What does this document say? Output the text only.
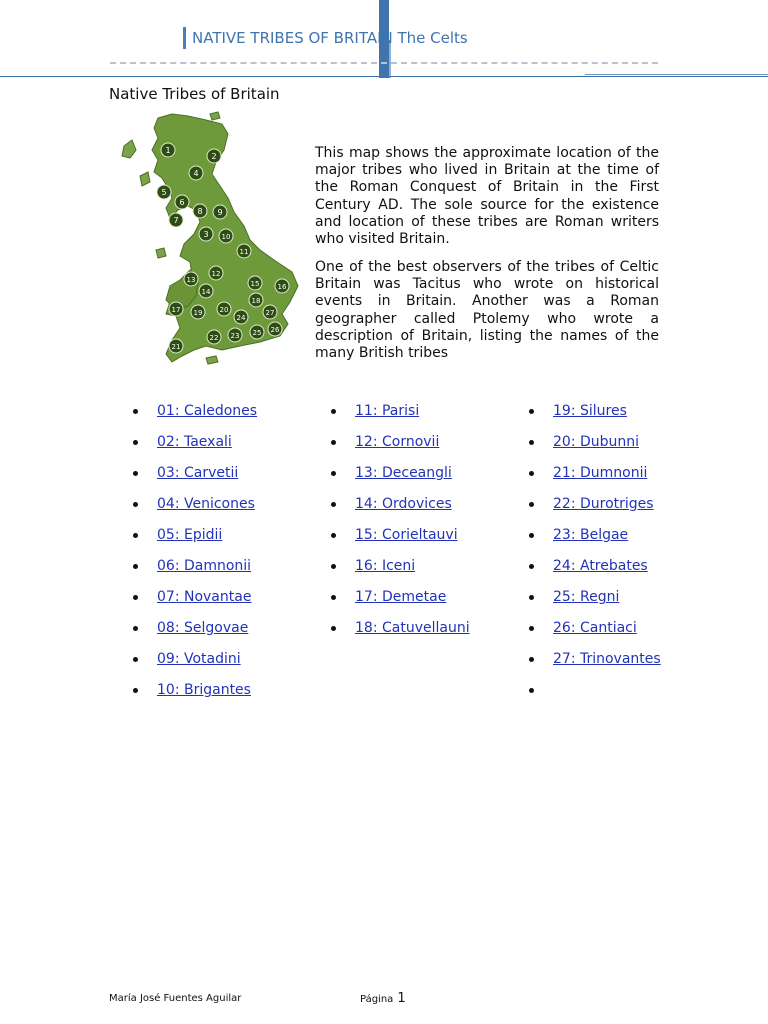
NATIVE TRIBES OF BRITAIN The Celts
Native Tribes of Britain
1
2
4
5
6
7
8 9
3 10
11
12
13
14
15	16
17
18
19 20
21
22 23
24
25 26
27

This map shows the approximate location of the major tribes who lived in Britain at the time of the Roman Conquest of Britain in the First Century AD. The sole source for the existence and location of these tribes are Roman writers who visited Britain.

One of the best observers of the tribes of Celtic Britain was Tacitus who wrote on historical events in Britain. Another was a Roman geographer called Ptolemy who wrote a description of Britain, listing the names of the many British tribes

01: Caledones
02: Taexali
03: Carvetii
04: Venicones
05: Epidii
06: Damnonii
07: Novantae
08: Selgovae
09: Votadini
10: Brigantes
11: Parisi
12: Cornovii
13: Deceangli
14: Ordovices
15: Corieltauvi
16: Iceni
17: Demetae
18: Catuvellauni
19: Silures
20: Dubunni
21: Dumnonii
22: Durotriges
23: Belgae
24: Atrebates
25: Regni
26: Cantiaci
27: Trinovantes
María José Fuentes Aguilar	Página 1
